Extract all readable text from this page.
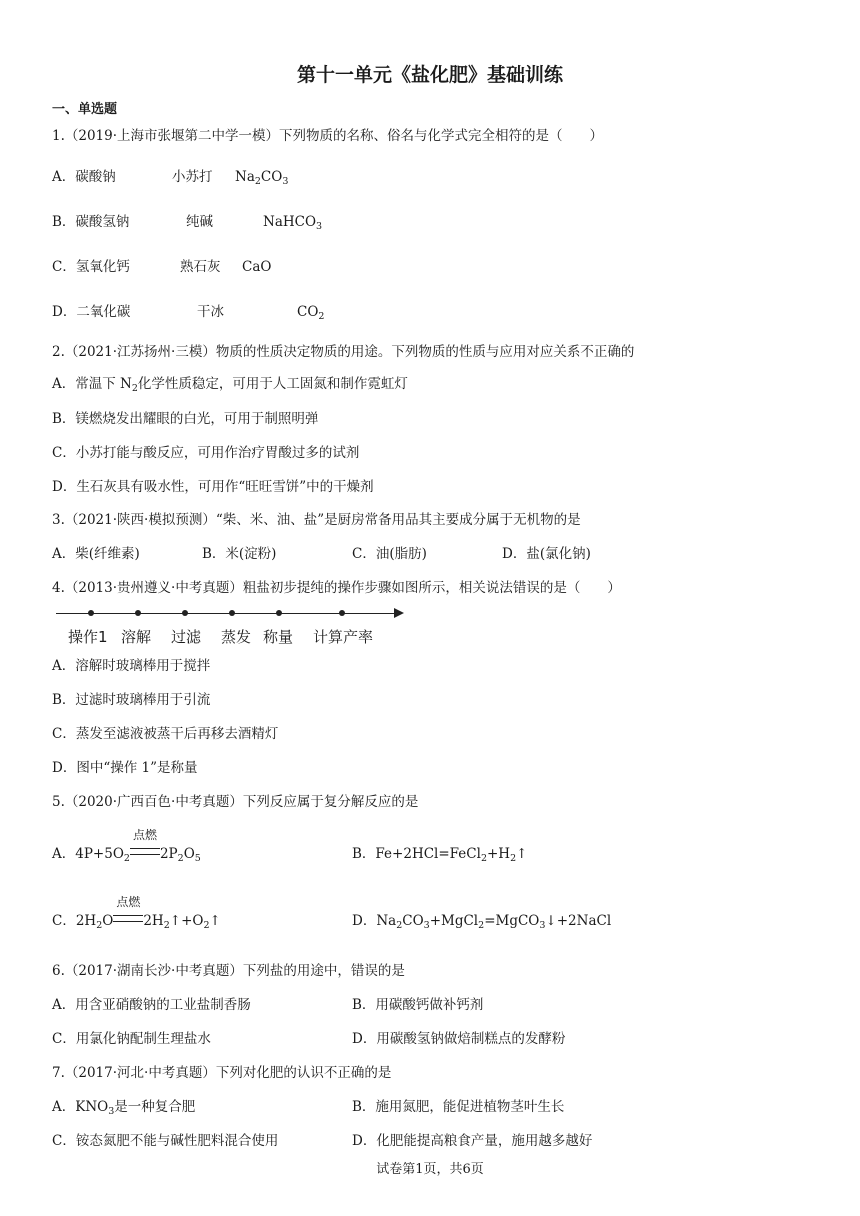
第十一单元《盐化肥》基础训练
一、单选题
1.（2019·上海市张堰第二中学一模）下列物质的名称、俗名与化学式完全相符的是（　　）
A．碳酸钠	小苏打 $Na_2CO_3$
B．碳酸氢钠	纯碱	NaHCO$_3$
C．氢氧化钙	熟石灰 CaO
D．二氧化碳	干冰	$CO_2$
2.（2021·江苏扬州·三模）物质的性质决定物质的用途。下列物质的性质与应用对应关系不正确的
A．常温下 $N_2$化学性质稳定，可用于人工固氮和制作霓虹灯
B．镁燃烧发出耀眼的白光，可用于制照明弹
C．小苏打能与酸反应，可用作治疗胃酸过多的试剂
D．生石灰具有吸水性，可用作“旺旺雪饼”中的干燥剂
3.（2021·陕西·模拟预测）“柴、米、油、盐”是厨房常备用品其主要成分属于无机物的是
A．柴(纤维素)	B．米(淀粉)	C．油(脂肪)	D．盐(氯化钠)
4.（2013·贵州遵义·中考真题）粗盐初步提纯的操作步骤如图所示，相关说法错误的是（　　）
操作1 溶解 过滤 蒸发 称量 计算产率
A．溶解时玻璃棒用于搅拌
B．过滤时玻璃棒用于引流
C．蒸发至滤液被蒸干后再移去酒精灯
D．图中“操作 1”是称量
5.（2020·广西百色·中考真题）下列反应属于复分解反应的是
A．$4P+5O_2$
点燃
$2P_2O_5$	B．$Fe+2HCl=FeCl_2+H_2↑$
C．$2H_2O$
点燃
$2H_2↑+O_2↑$	D．$Na_2CO_3+MgCl_2=MgCO_3↓+2NaCl$
6.（2017·湖南长沙·中考真题）下列盐的用途中，错误的是
A．用含亚硝酸钠的工业盐制香肠	B．用碳酸钙做补钙剂
C．用氯化钠配制生理盐水	D．用碳酸氢钠做焙制糕点的发酵粉
7.（2017·河北·中考真题）下列对化肥的认识不正确的是
A．$KNO_3$是一种复合肥	B．施用氮肥，能促进植物茎叶生长
C．铵态氮肥不能与碱性肥料混合使用	D．化肥能提高粮食产量，施用越多越好
试卷第1页，共6页
